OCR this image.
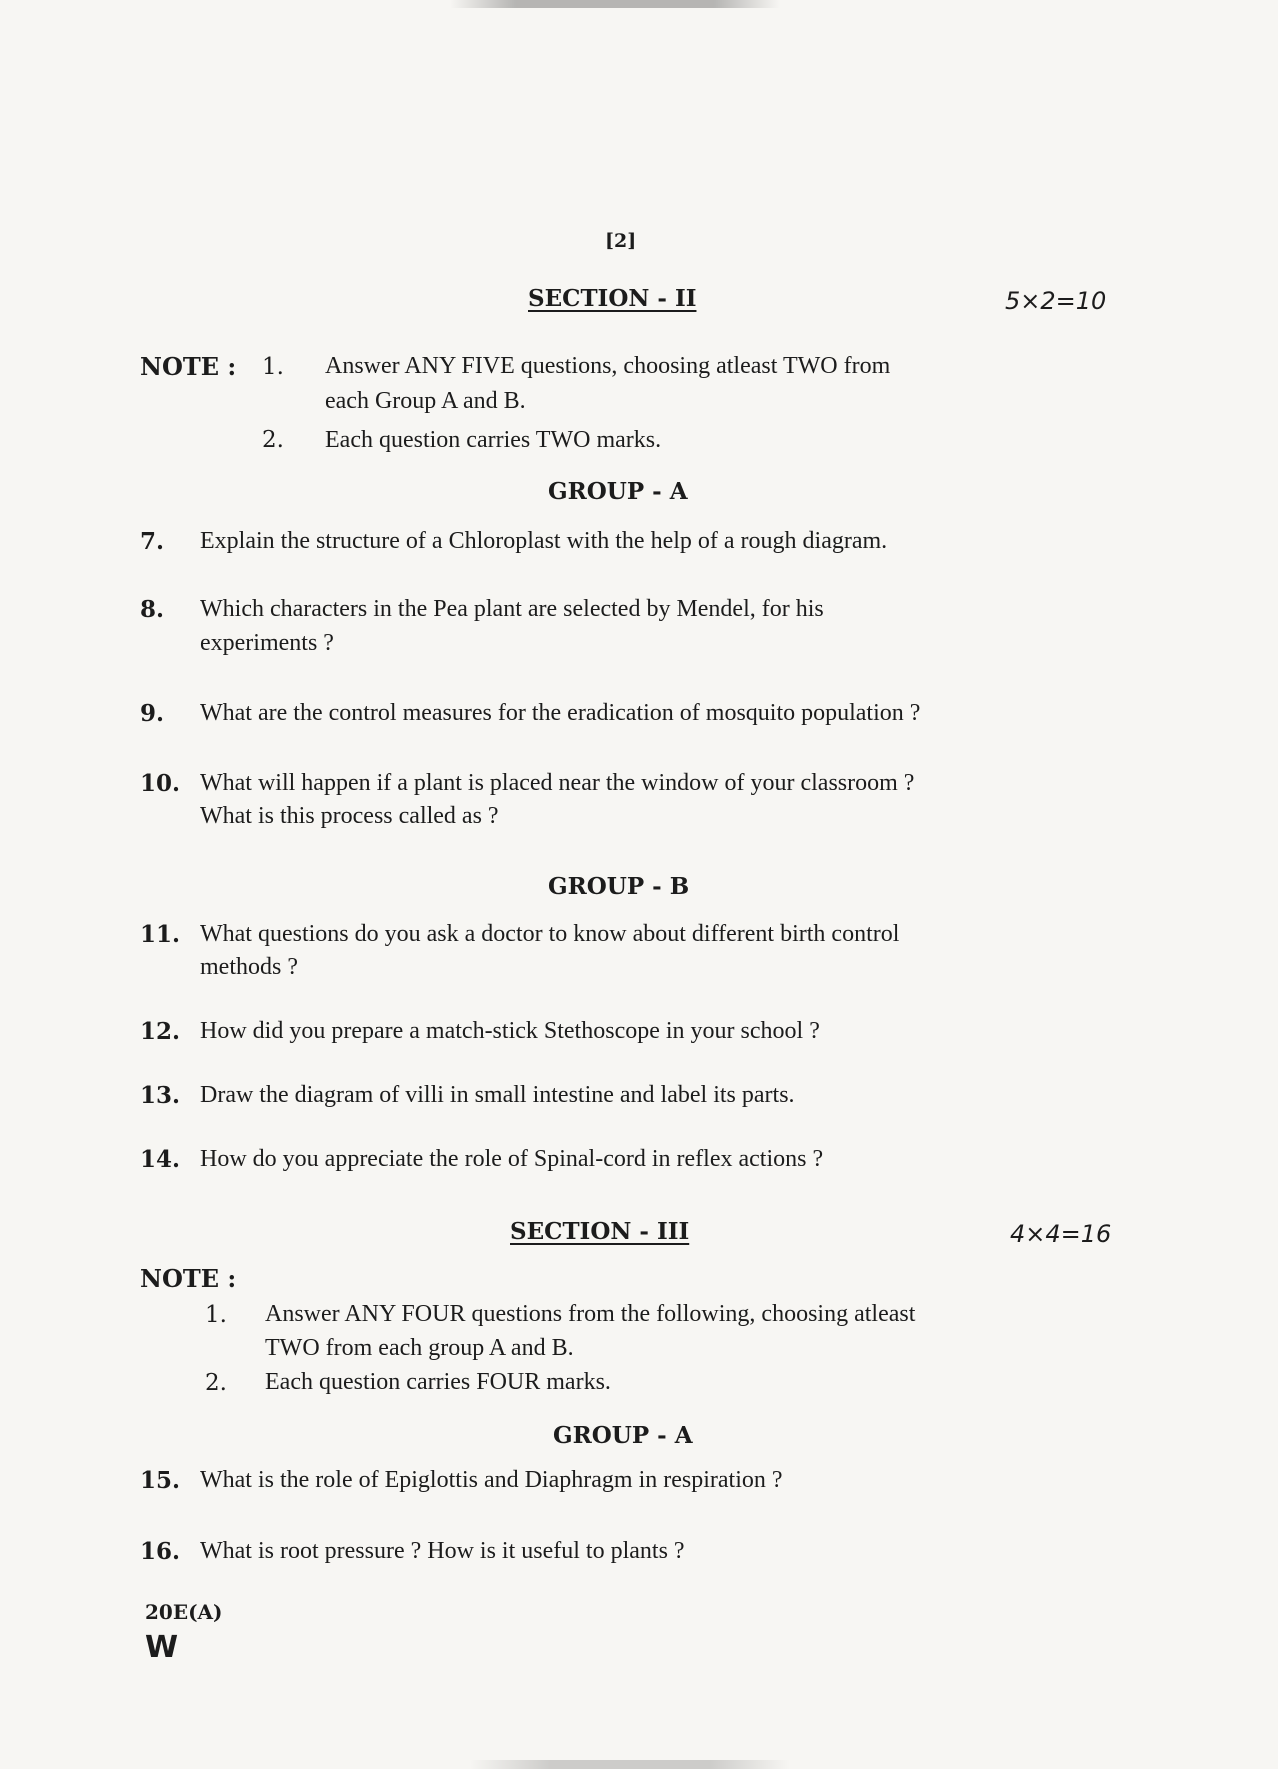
[2]
SECTION - II	5×2=10
NOTE : 1. Answer ANY FIVE questions, choosing atleast TWO from
each Group A and B.
2. Each question carries TWO marks.
GROUP - A
7. Explain the structure of a Chloroplast with the help of a rough diagram.
8. Which characters in the Pea plant are selected by Mendel, for his
experiments ?
9. What are the control measures for the eradication of mosquito population ?
10. What will happen if a plant is placed near the window of your classroom ?
What is this process called as ?
GROUP - B
11. What questions do you ask a doctor to know about different birth control
methods ?
12. How did you prepare a match-stick Stethoscope in your school ?
13. Draw the diagram of villi in small intestine and label its parts.
14. How do you appreciate the role of Spinal-cord in reflex actions ?
SECTION - III	4×4=16
NOTE :
1. Answer ANY FOUR questions from the following, choosing atleast
TWO from each group A and B.
2. Each question carries FOUR marks.
GROUP - A
15. What is the role of Epiglottis and Diaphragm in respiration ?
16. What is root pressure ? How is it useful to plants ?
20E(A)
W
